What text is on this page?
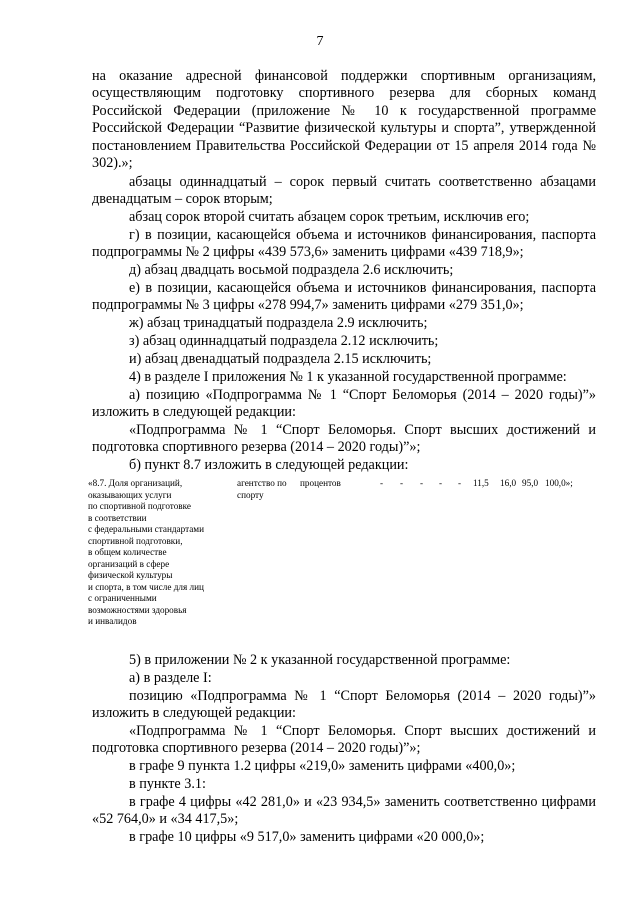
7
на оказание адресной финансовой поддержки спортивным организациям, осуществляющим подготовку спортивного резерва для сборных команд Российской Федерации (приложение № 10 к государственной программе Российской Федерации “Развитие физической культуры и спорта”, утвержденной постановлением Правительства Российской Федерации от 15 апреля 2014 года № 302).»;
абзацы одиннадцатый – сорок первый считать соответственно абзацами двенадцатым – сорок вторым;
абзац сорок второй считать абзацем сорок третьим, исключив его;
г) в позиции, касающейся объема и источников финансирования, паспорта подпрограммы № 2 цифры «439 573,6» заменить цифрами «439 718,9»;
д) абзац двадцать восьмой подраздела 2.6 исключить;
е) в позиции, касающейся объема и источников финансирования, паспорта подпрограммы № 3 цифры «278 994,7» заменить цифрами «279 351,0»;
ж) абзац тринадцатый подраздела 2.9 исключить;
з) абзац одиннадцатый подраздела 2.12 исключить;
и) абзац двенадцатый подраздела 2.15 исключить;
4) в разделе I приложения № 1 к указанной государственной программе:
а) позицию «Подпрограмма № 1 “Спорт Беломорья (2014 – 2020 годы)”» изложить в следующей редакции:
«Подпрограмма № 1 “Спорт Беломорья. Спорт высших достижений и подготовка спортивного резерва (2014 – 2020 годы)”»;
б) пункт 8.7 изложить в следующей редакции:
«8.7. Доля организаций,
оказывающих услуги
по спортивной подготовке
в соответствии
с федеральными стандартами
спортивной подготовки,
в общем количестве
организаций в сфере
физической культуры
и спорта, в том числе для лиц
с ограниченными
возможностями здоровья
и инвалидов
агентство по спорту
процентов	- - - - - 11,5 16,0 95,0 100,0»;
5) в приложении № 2 к указанной государственной программе:
а) в разделе I:
позицию «Подпрограмма № 1 “Спорт Беломорья (2014 – 2020 годы)”» изложить в следующей редакции:
«Подпрограмма № 1 “Спорт Беломорья. Спорт высших достижений и подготовка спортивного резерва (2014 – 2020 годы)”»;
в графе 9 пункта 1.2 цифры «219,0» заменить цифрами «400,0»;
в пункте 3.1:
в графе 4 цифры «42 281,0» и «23 934,5» заменить соответственно цифрами «52 764,0» и «34 417,5»;
в графе 10 цифры «9 517,0» заменить цифрами «20 000,0»;
